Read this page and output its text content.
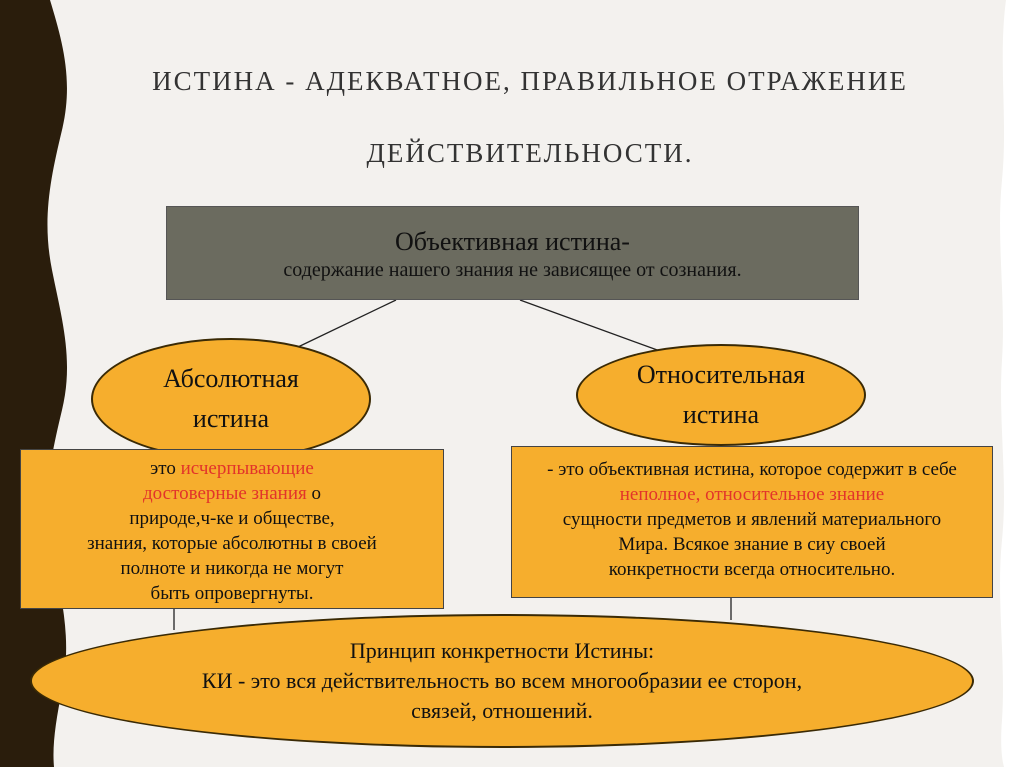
ИСТИНА - АДЕКВАТНОЕ, ПРАВИЛЬНОЕ ОТРАЖЕНИЕ
ДЕЙСТВИТЕЛЬНОСТИ.
Объективная истина-
содержание нашего знания не зависящее от сознания.
Абсолютная
истина
Относительная
истина
это исчерпывающие
достоверные знания о
природе,ч-ке и обществе,
знания, которые абсолютны в своей
полноте и никогда не могут
быть опровергнуты.
- это объективная истина, которое содержит в себе
неполное, относительное знание
сущности предметов и явлений материального
Мира. Всякое знание в сиу своей
конкретности всегда относительно.
Принцип конкретности Истины:
КИ - это вся действительность во всем многообразии ее сторон,
связей, отношений.
